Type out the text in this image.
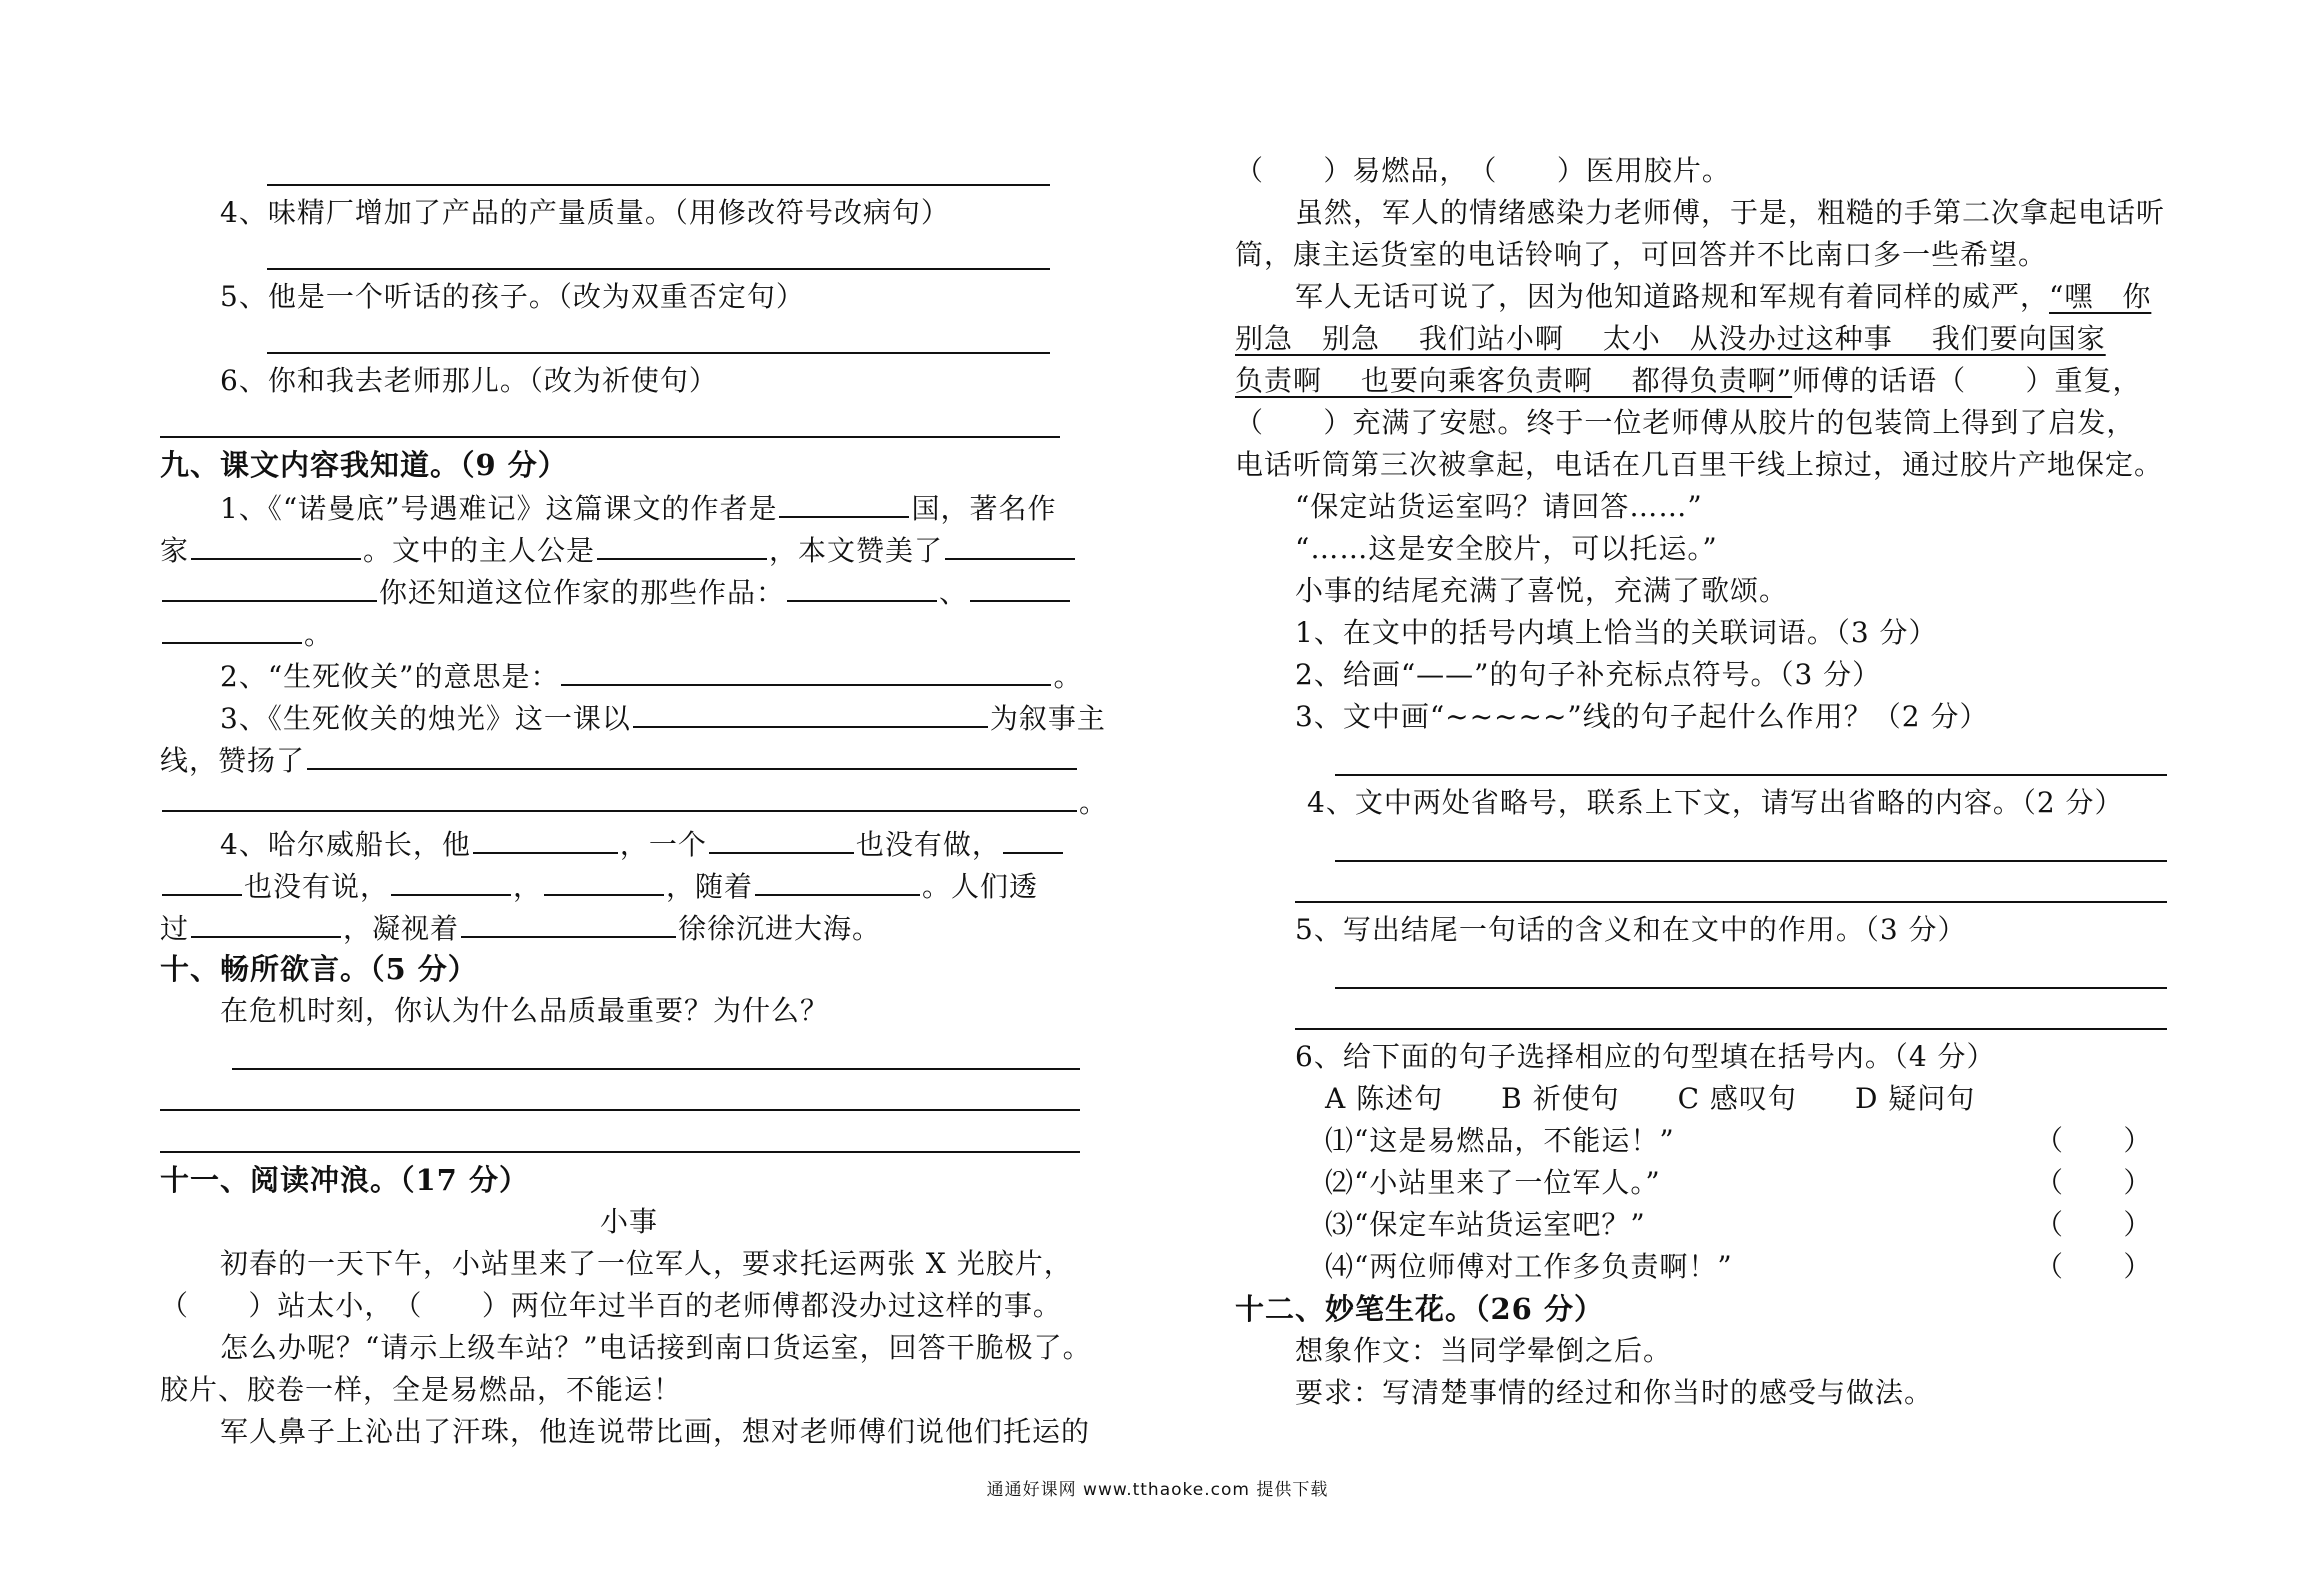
4、味精厂增加了产品的产量质量。（用修改符号改病句）
5、他是一个听话的孩子。（改为双重否定句）
6、你和我去老师那儿。（改为祈使句）
九、课文内容我知道。（9 分）
1、《“诺曼底”号遇难记》这篇课文的作者是	国，著名作
家	。文中的主人公是	，本文赞美了
你还知道这位作家的那些作品：	、
。
2、“生死攸关”的意思是：	。
3、《生死攸关的烛光》这一课以	为叙事主
线，赞扬了
。
4、哈尔威船长，他	，一个	也没有做，
也没有说，	，	，随着	。人们透
过	，凝视着	徐徐沉进大海。
十、畅所欲言。（5 分）
在危机时刻，你认为什么品质最重要？为什么？
十一、阅读冲浪。（17 分）
小事
初春的一天下午，小站里来了一位军人，要求托运两张 X 光胶片，
（      ）站太小，（      ）两位年过半百的老师傅都没办过这样的事。
怎么办呢？“请示上级车站？”电话接到南口货运室，回答干脆极了。
胶片、胶卷一样，全是易燃品，不能运！
军人鼻子上沁出了汗珠，他连说带比画，想对老师傅们说他们托运的
（      ）易燃品，（      ）医用胶片。
虽然，军人的情绪感染力老师傅，于是，粗糙的手第二次拿起电话听
筒，康主运货室的电话铃响了，可回答并不比南口多一些希望。
军人无话可说了，因为他知道路规和军规有着同样的威严，“嘿　你
别急　别急　 我们站小啊　 太小　从没办过这种事　 我们要向国家
负责啊　 也要向乘客负责啊　 都得负责啊”师傅的话语（      ）重复，
（      ）充满了安慰。终于一位老师傅从胶片的包装筒上得到了启发，
电话听筒第三次被拿起，电话在几百里干线上掠过，通过胶片产地保定。
“保定站货运室吗？请回答……”
“……这是安全胶片，可以托运。”
小事的结尾充满了喜悦，充满了歌颂。
1、在文中的括号内填上恰当的关联词语。（3 分）
2、给画“——”的句子补充标点符号。（3 分）
3、文中画“~~~~~”线的句子起什么作用？（2 分）
4、文中两处省略号，联系上下文，请写出省略的内容。（2 分）
5、写出结尾一句话的含义和在文中的作用。（3 分）
6、给下面的句子选择相应的句型填在括号内。（4 分）
A 陈述句 B 祈使句 C 感叹句 D 疑问句
⑴“这是易燃品，不能运！”	（      ）
⑵“小站里来了一位军人。”	（      ）
⑶“保定车站货运室吧？”	（      ）
⑷“两位师傅对工作多负责啊！”	（      ）
十二、妙笔生花。（26 分）
想象作文：当同学晕倒之后。
要求：写清楚事情的经过和你当时的感受与做法。
通通好课网 www.tthaoke.com 提供下载
